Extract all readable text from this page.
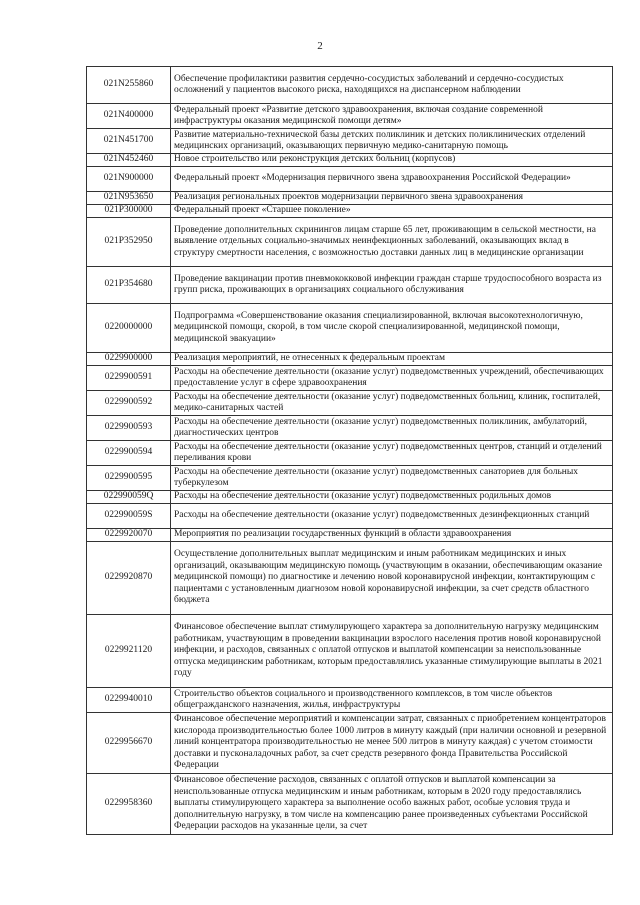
2
021N255860	Обеспечение профилактики развития сердечно-сосудистых заболеваний и сердечно-сосудистых осложнений у пациентов высокого риска, находящихся на диспансерном наблюдении
021N400000	Федеральный проект «Развитие детского здравоохранения, включая создание современной инфраструктуры оказания медицинской помощи детям»
021N451700	Развитие материально-технической базы детских поликлиник и детских поликлинических отделений медицинских организаций, оказывающих первичную медико-санитарную помощь
021N452460	Новое строительство или реконструкция детских больниц (корпусов)
021N900000	Федеральный проект «Модернизация первичного звена здравоохранения Российской Федерации»
021N953650	Реализация региональных проектов модернизации первичного звена здравоохранения
021P300000	Федеральный проект «Старшее поколение»
021P352950	Проведение дополнительных скринингов лицам старше 65 лет, проживающим в сельской местности, на выявление отдельных социально-значимых неинфекционных заболеваний, оказывающих вклад в структуру смертности населения, с возможностью доставки данных лиц в медицинские организации
021P354680	Проведение вакцинации против пневмококковой инфекции граждан старше трудоспособного возраста из групп риска, проживающих в организациях социального обслуживания
0220000000	Подпрограмма «Совершенствование оказания специализированной, включая высокотехнологичную, медицинской помощи, скорой, в том числе скорой специализированной, медицинской помощи, медицинской эвакуации»
0229900000	Реализация мероприятий, не отнесенных к федеральным проектам
0229900591	Расходы на обеспечение деятельности (оказание услуг) подведомственных учреждений, обеспечивающих предоставление услуг в сфере здравоохранения
0229900592	Расходы на обеспечение деятельности (оказание услуг) подведомственных больниц, клиник, госпиталей, медико-санитарных частей
0229900593	Расходы на обеспечение деятельности (оказание услуг) подведомственных поликлиник, амбулаторий, диагностических центров
0229900594	Расходы на обеспечение деятельности (оказание услуг) подведомственных центров, станций и отделений переливания крови
0229900595	Расходы на обеспечение деятельности (оказание услуг) подведомственных санаториев для больных туберкулезом
022990059Q	Расходы на обеспечение деятельности (оказание услуг) подведомственных родильных домов
022990059S	Расходы на обеспечение деятельности (оказание услуг) подведомственных дезинфекционных станций
0229920070	Мероприятия по реализации государственных функций в области здравоохранения
0229920870	Осуществление дополнительных выплат медицинским и иным работникам медицинских и иных организаций, оказывающим медицинскую помощь (участвующим в оказании, обеспечивающим оказание медицинской помощи) по диагностике и лечению новой коронавирусной инфекции, контактирующим с пациентами с установленным диагнозом новой коронавирусной инфекции, за счет средств областного бюджета
0229921120	Финансовое обеспечение выплат стимулирующего характера за дополнительную нагрузку медицинским работникам, участвующим в проведении вакцинации взрослого населения против новой коронавирусной инфекции, и расходов, связанных с оплатой отпусков и выплатой компенсации за неиспользованные отпуска медицинским работникам, которым предоставлялись указанные стимулирующие выплаты в 2021 году
0229940010	Строительство объектов социального и производственного комплексов, в том числе объектов общегражданского назначения, жилья, инфраструктуры
0229956670	Финансовое обеспечение мероприятий и компенсации затрат, связанных с приобретением концентраторов кислорода производительностью более 1000 литров в минуту каждый (при наличии основной и резервной линий концентратора производительностью не менее 500 литров в минуту каждая) с учетом стоимости доставки и пусконаладочных работ, за счет средств резервного фонда Правительства Российской Федерации
0229958360	Финансовое обеспечение расходов, связанных с оплатой отпусков и выплатой компенсации за неиспользованные отпуска медицинским и иным работникам, которым в 2020 году предоставлялись выплаты стимулирующего характера за выполнение особо важных работ, особые условия труда и дополнительную нагрузку, в том числе на компенсацию ранее произведенных субъектами Российской Федерации расходов на указанные цели, за счет
